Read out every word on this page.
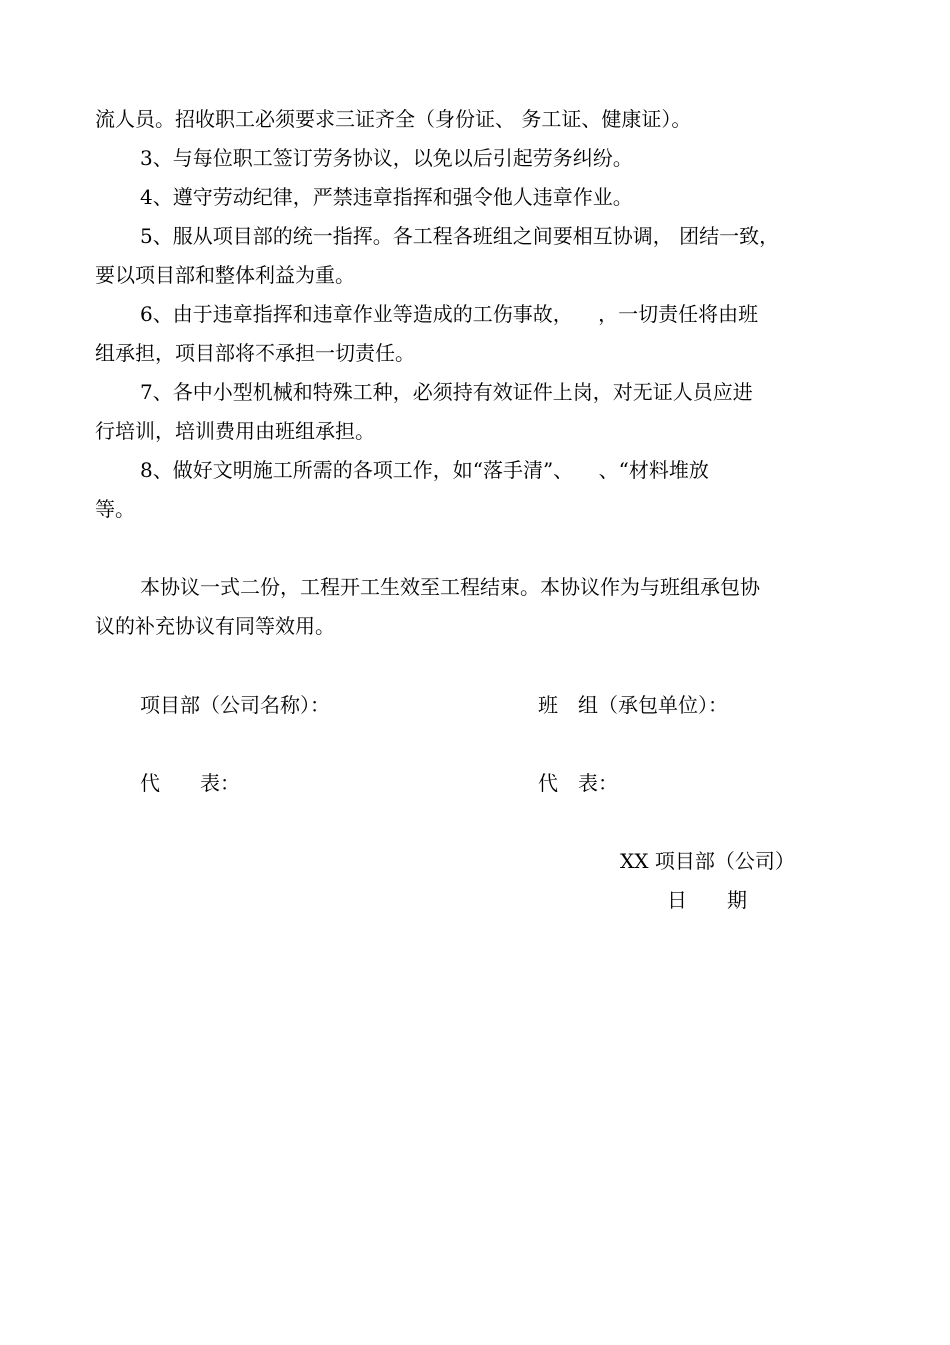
流人员。招收职工必须要求三证齐全（身份证、 务工证、健康证）。
3、与每位职工签订劳务协议，以免以后引起劳务纠纷。
4、遵守劳动纪律，严禁违章指挥和强令他人违章作业。
5、服从项目部的统一指挥。各工程各班组之间要相互协调， 团结一致，
要以项目部和整体利益为重。
6、由于违章指挥和违章作业等造成的工伤事故，    ，一切责任将由班
组承担，项目部将不承担一切责任。
7、各中小型机械和特殊工种，必须持有效证件上岗，对无证人员应进
行培训，培训费用由班组承担。
8、做好文明施工所需的各项工作，如“落手清”、    、“材料堆放
等。
本协议一式二份，工程开工生效至工程结束。本协议作为与班组承包协
议的补充协议有同等效用。
项目部（公司名称）：	班　组（承包单位）：
代　　表：	代　表：
XX 项目部（公司）
日　　期
